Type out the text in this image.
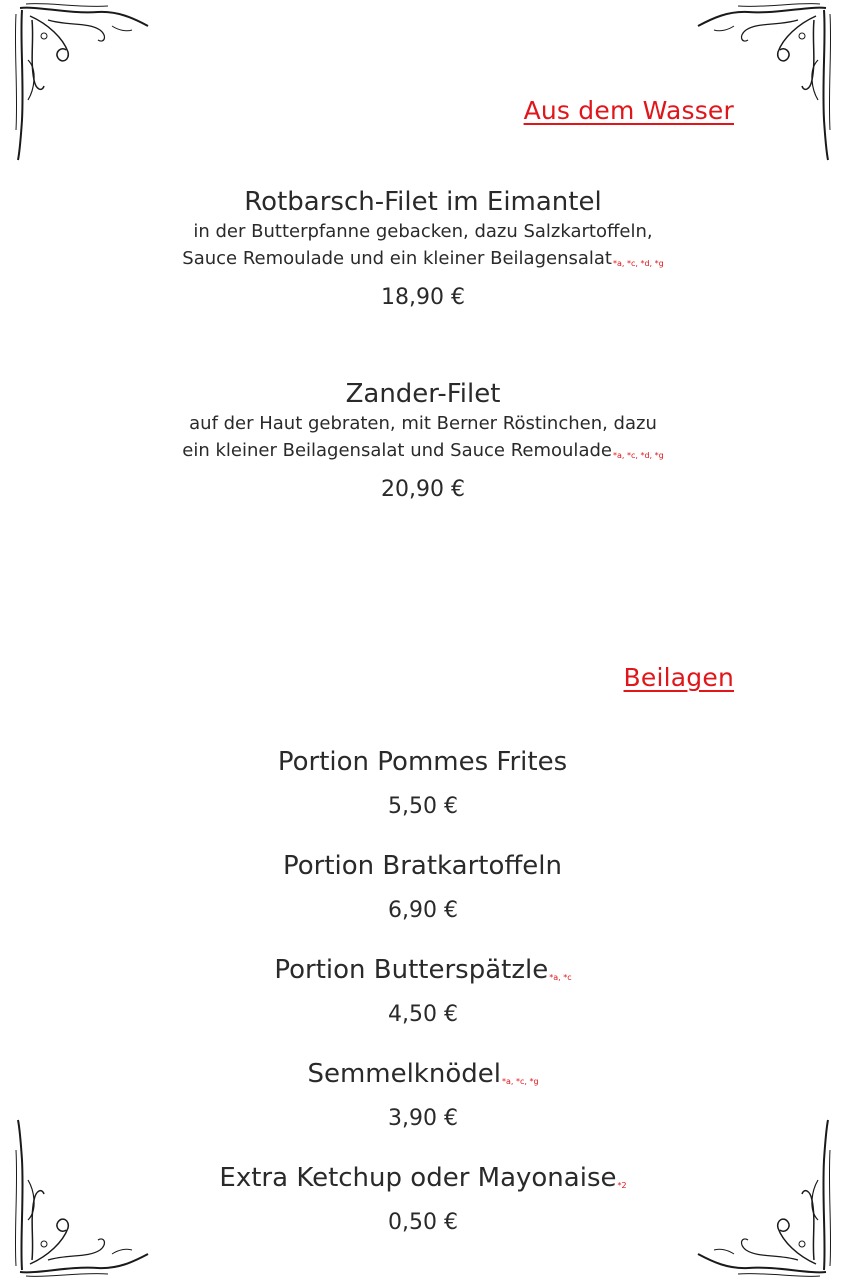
Aus dem Wasser
Rotbarsch-Filet im Eimantel
in der Butterpfanne gebacken, dazu Salzkartoffeln,
Sauce Remoulade und ein kleiner Beilagensalat*a, *c, *d, *g
18,90 €
Zander-Filet
auf der Haut gebraten, mit Berner Röstinchen, dazu
ein kleiner Beilagensalat und Sauce Remoulade*a, *c, *d, *g
20,90 €
Beilagen
Portion Pommes Frites
5,50 €
Portion Bratkartoffeln
6,90 €
Portion Butterspätzle*a, *c
4,50 €
Semmelknödel*a, *c, *g
3,90 €
Extra Ketchup oder Mayonaise*2
0,50 €
